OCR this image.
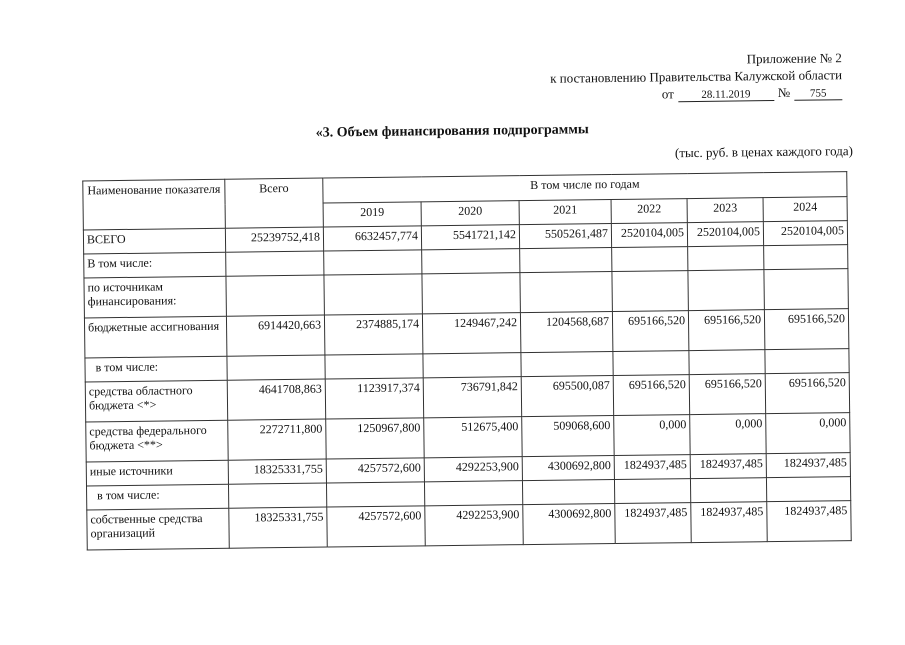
Приложение № 2
к постановлению Правительства Калужской области
от	28.11.2019	№	755
«3. Объем финансирования подпрограммы
(тыс. руб. в ценах каждого года)
Наименование показателя	Всего	В том числе по годам					
		2019	2020	2021	2022	2023	2024
ВСЕГО	25239752,418	6632457,774	5541721,142	5505261,487	2520104,005	2520104,005	2520104,005
В том числе:							
по источникам финансирования:							
бюджетные ассигнования	6914420,663	2374885,174	1249467,242	1204568,687	695166,520	695166,520	695166,520
в том числе:							
средства областного бюджета <*>	4641708,863	1123917,374	736791,842	695500,087	695166,520	695166,520	695166,520
средства федерального бюджета <**>	2272711,800	1250967,800	512675,400	509068,600	0,000	0,000	0,000
иные источники	18325331,755	4257572,600	4292253,900	4300692,800	1824937,485	1824937,485	1824937,485
в том числе:							
собственные средства организаций	18325331,755	4257572,600	4292253,900	4300692,800	1824937,485	1824937,485	1824937,485
